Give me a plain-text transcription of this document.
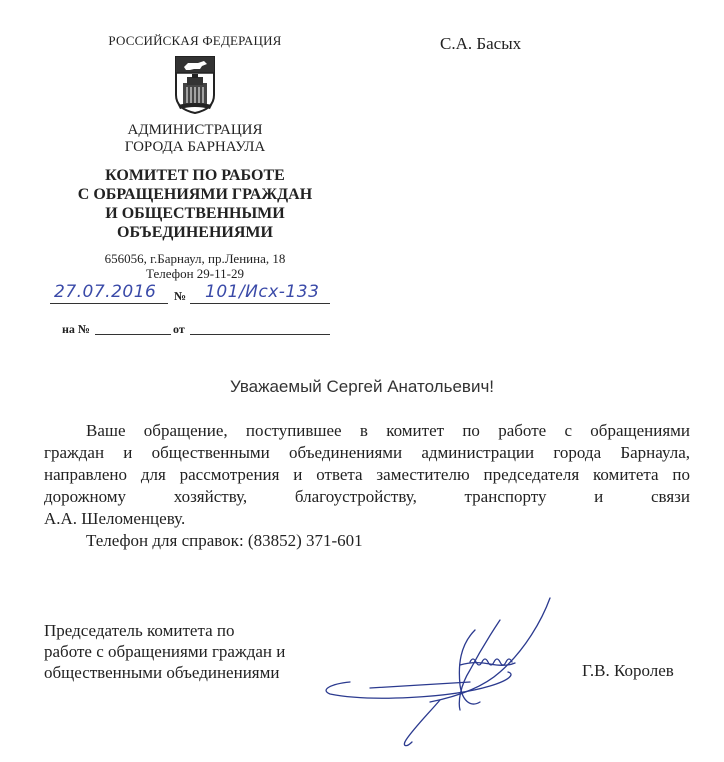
РОССИЙСКАЯ ФЕДЕРАЦИЯ
АДМИНИСТРАЦИЯ
ГОРОДА БАРНАУЛА
КОМИТЕТ ПО РАБОТЕ
С ОБРАЩЕНИЯМИ ГРАЖДАН
И ОБЩЕСТВЕННЫМИ
ОБЪЕДИНЕНИЯМИ
656056, г.Барнаул, пр.Ленина, 18
Телефон 29-11-29
27.07.2016 № 101/Исх-133
на №	от
С.А. Басых
Уважаемый Сергей Анатольевич!

Ваше обращение, поступившее в комитет по работе с обращениями

граждан и общественными объединениями администрации города Барнаула,

направлено для рассмотрения и ответа заместителю председателя комитета по

дорожному хозяйству, благоустройству, транспорту и связи

А.А. Шеломенцеву.

Телефон для справок: (83852) 371-601

Председатель комитета по
работе с обращениями граждан и
общественными объединениями	Г.В. Королев
